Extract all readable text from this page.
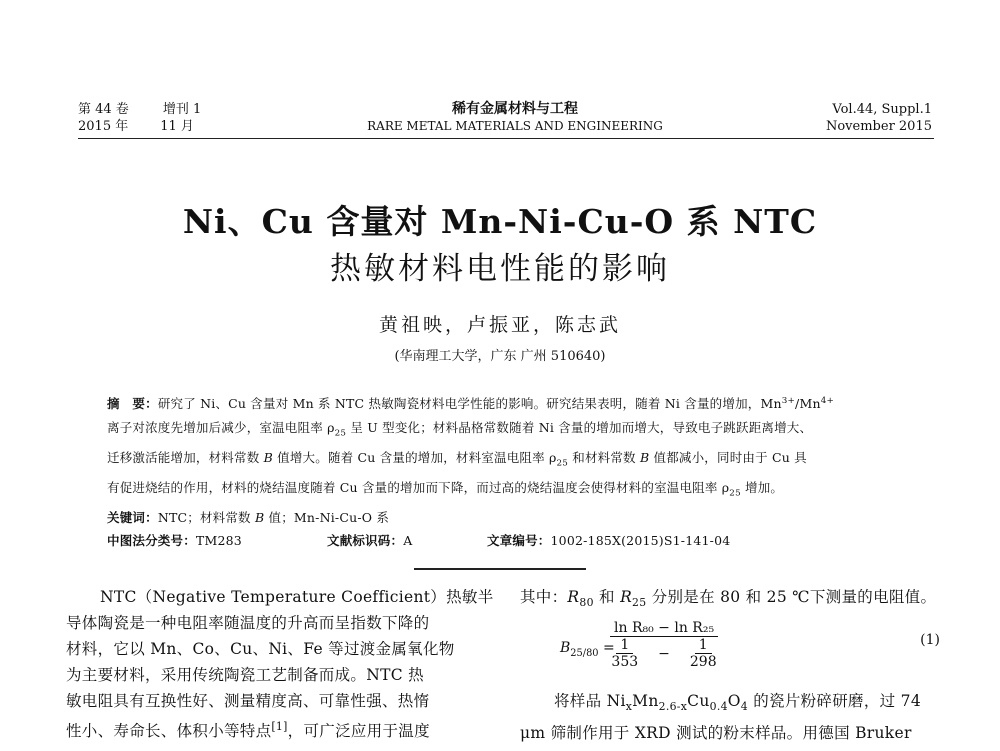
第 44 卷	增刊 1
2015 年 11 月
稀有金属材料与工程
RARE METAL MATERIALS AND ENGINEERING
Vol.44, Suppl.1
November 2015
Ni、Cu 含量对 Mn-Ni-Cu-O 系 NTC
热敏材料电性能的影响
黄祖映，卢振亚，陈志武
(华南理工大学，广东 广州 510640)
摘　要：研究了 Ni、Cu 含量对 Mn 系 NTC 热敏陶瓷材料电学性能的影响。研究结果表明，随着 Ni 含量的增加，$Mn^{3+}/Mn^{4+}$
离子对浓度先增加后减少，室温电阻率 $\rho_{25}$ 呈 U 型变化；材料晶格常数随着 Ni 含量的增加而增大，导致电子跳跃距离增大、
迁移激活能增加，材料常数 B 值增大。随着 Cu 含量的增加，材料室温电阻率 $\rho_{25}$ 和材料常数 B 值都减小，同时由于 Cu 具
有促进烧结的作用，材料的烧结温度随着 Cu 含量的增加而下降，而过高的烧结温度会使得材料的室温电阻率 $\rho_{25}$ 增加。
关键词：NTC；材料常数 B 值；Mn-Ni-Cu-O 系
中图法分类号：TM283	文献标识码：A	文章编号：1002-185X(2015)S1-141-04
NTC（Negative Temperature Coefficient）热敏半
导体陶瓷是一种电阻率随温度的升高而呈指数下降的
材料，它以 Mn、Co、Cu、Ni、Fe 等过渡金属氧化物
为主要材料，采用传统陶瓷工艺制备而成。NTC 热
敏电阻具有互换性好、测量精度高、可靠性强、热惰
性小、寿命长、体积小等特点[1]，可广泛应用于温度
其中：$R_{80}$ 和 $R_{25}$ 分别是在 80 和 25 ℃下测量的电阻值。
$B_{25/80}$ =
$\frac{\text{ln R₈₀ − ln R₂₅}}{\frac{1}{353} - \frac{1}{298}}$	(1)
将样品 $Ni_xMn_{2.6-x}Cu_{0.4}O_4$ 的瓷片粉碎研磨，过 74
μm 筛制作用于 XRD 测试的粉末样品。用德国 Bruker
